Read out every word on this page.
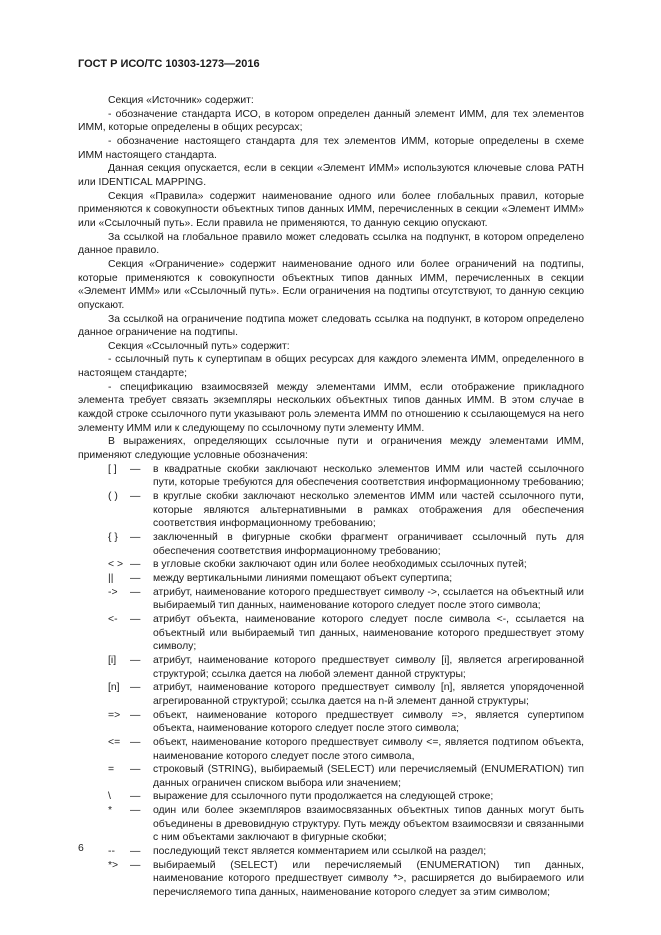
ГОСТ Р ИСО/ТС 10303-1273—2016

Секция «Источник» содержит:

- обозначение стандарта ИСО, в котором определен данный элемент ИММ, для тех элементов ИММ, которые определены в общих ресурсах;

- обозначение настоящего стандарта для тех элементов ИММ, которые определены в схеме ИММ настоящего стандарта.

Данная секция опускается, если в секции «Элемент ИММ» используются ключевые слова PATH или IDENTICAL MAPPING.

Секция «Правила» содержит наименование одного или более глобальных правил, которые применяются к совокупности объектных типов данных ИММ, перечисленных в секции «Элемент ИММ» или «Ссылочный путь». Если правила не применяются, то данную секцию опускают.

За ссылкой на глобальное правило может следовать ссылка на подпункт, в котором определено данное правило.

Секция «Ограничение» содержит наименование одного или более ограничений на подтипы, которые применяются к совокупности объектных типов данных ИММ, перечисленных в секции «Элемент ИММ» или «Ссылочный путь». Если ограничения на подтипы отсутствуют, то данную секцию опускают.

За ссылкой на ограничение подтипа может следовать ссылка на подпункт, в котором определено данное ограничение на подтипы.

Секция «Ссылочный путь» содержит:

- ссылочный путь к супертипам в общих ресурсах для каждого элемента ИММ, определенного в настоящем стандарте;

- спецификацию взаимосвязей между элементами ИММ, если отображение прикладного элемента требует связать экземпляры нескольких объектных типов данных ИММ. В этом случае в каждой строке ссылочного пути указывают роль элемента ИММ по отношению к ссылающемуся на него элементу ИММ или к следующему по ссылочному пути элементу ИММ.

В выражениях, определяющих ссылочные пути и ограничения между элементами ИММ, применяют следующие условные обозначения:

[ ]	—	в квадратные скобки заключают несколько элементов ИММ или частей ссылочного пути, которые требуются для обеспечения соответствия информационному требованию;
( )	—	в круглые скобки заключают несколько элементов ИММ или частей ссылочного пути, которые являются альтернативными в рамках отображения для обеспечения соответствия информационному требованию;
{ }	—	заключенный в фигурные скобки фрагмент ограничивает ссылочный путь для обеспечения соответствия информационному требованию;
< > —	в угловые скобки заключают один или более необходимых ссылочных путей;
||	—	между вертикальными линиями помещают объект супертипа;
->	—	атрибут, наименование которого предшествует символу ->, ссылается на объектный или выбираемый тип данных, наименование которого следует после этого символа;
<-	—	атрибут объекта, наименование которого следует после символа <-, ссылается на объектный или выбираемый тип данных, наименование которого предшествует этому символу;
[i]	—	атрибут, наименование которого предшествует символу [i], является агрегированной структурой; ссылка дается на любой элемент данной структуры;
[n]	—	атрибут, наименование которого предшествует символу [n], является упорядоченной агрегированной структурой; ссылка дается на n-й элемент данной структуры;
=> —	объект, наименование которого предшествует символу =>, является супертипом объекта, наименование которого следует после этого символа;
<= —	объект, наименование которого предшествует символу <=, является подтипом объекта, наименование которого следует после этого символа,
=	—	строковый (STRING), выбираемый (SELECT) или перечисляемый (ENUMERATION) тип данных ограничен списком выбора или значением;
\	—	выражение для ссылочного пути продолжается на следующей строке;
*	—	один или более экземпляров взаимосвязанных объектных типов данных могут быть объединены в древовидную структуру. Путь между объектом взаимосвязи и связанными с ним объектами заключают в фигурные скобки;
--	—	последующий текст является комментарием или ссылкой на раздел;
*>	—	выбираемый (SELECT) или перечисляемый (ENUMERATION) тип данных, наименование которого предшествует символу *>, расширяется до выбираемого или перечисляемого типа данных, наименование которого следует за этим символом;
6
